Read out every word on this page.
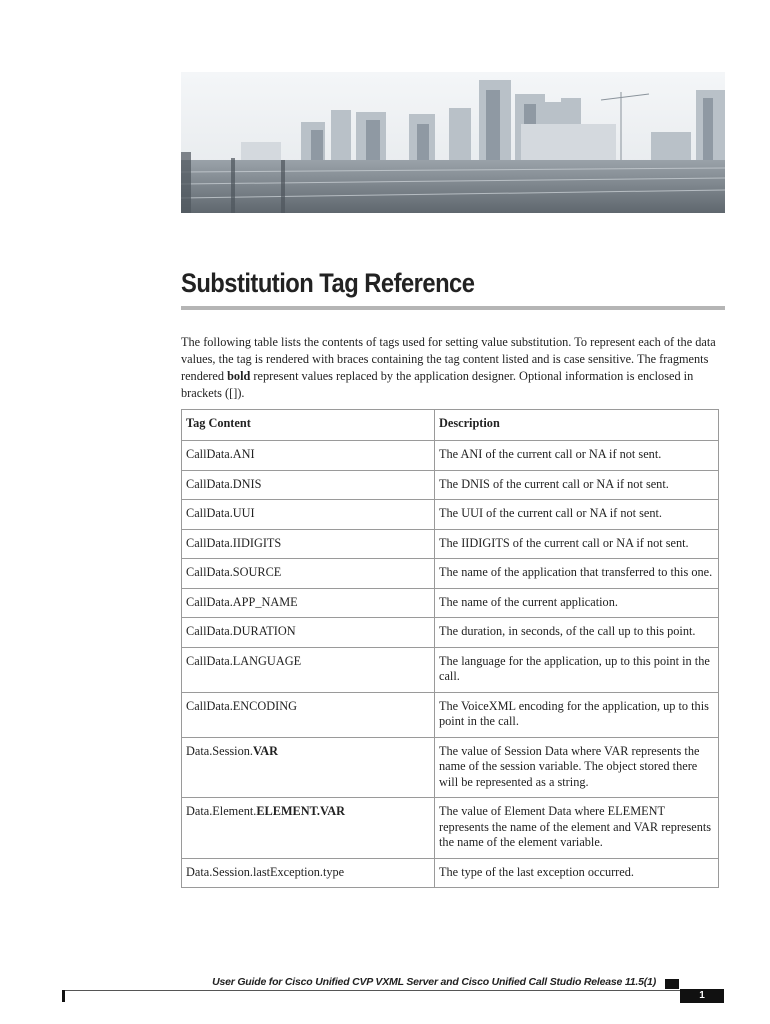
Substitution Tag Reference

The following table lists the contents of tags used for setting value substitution. To represent each of the data values, the tag is rendered with braces containing the tag content listed and is case sensitive. The fragments rendered bold represent values replaced by the application designer. Optional information is enclosed in brackets ([]).

Tag Content	Description
CallData.ANI	The ANI of the current call or NA if not sent.
CallData.DNIS	The DNIS of the current call or NA if not sent.
CallData.UUI	The UUI of the current call or NA if not sent.
CallData.IIDIGITS	The IIDIGITS of the current call or NA if not sent.
CallData.SOURCE	The name of the application that transferred to this one.
CallData.APP_NAME	The name of the current application.
CallData.DURATION	The duration, in seconds, of the call up to this point.
CallData.LANGUAGE	The language for the application, up to this point in the call.
CallData.ENCODING	The VoiceXML encoding for the application, up to this point in the call.
Data.Session.VAR	The value of Session Data where VAR represents the name of the session variable. The object stored there will be represented as a string.
Data.Element.ELEMENT.VAR	The value of Element Data where ELEMENT represents the name of the element and VAR represents the name of the element variable.
Data.Session.lastException.type	The type of the last exception occurred.
User Guide for Cisco Unified CVP VXML Server and Cisco Unified Call Studio Release 11.5(1)
1
